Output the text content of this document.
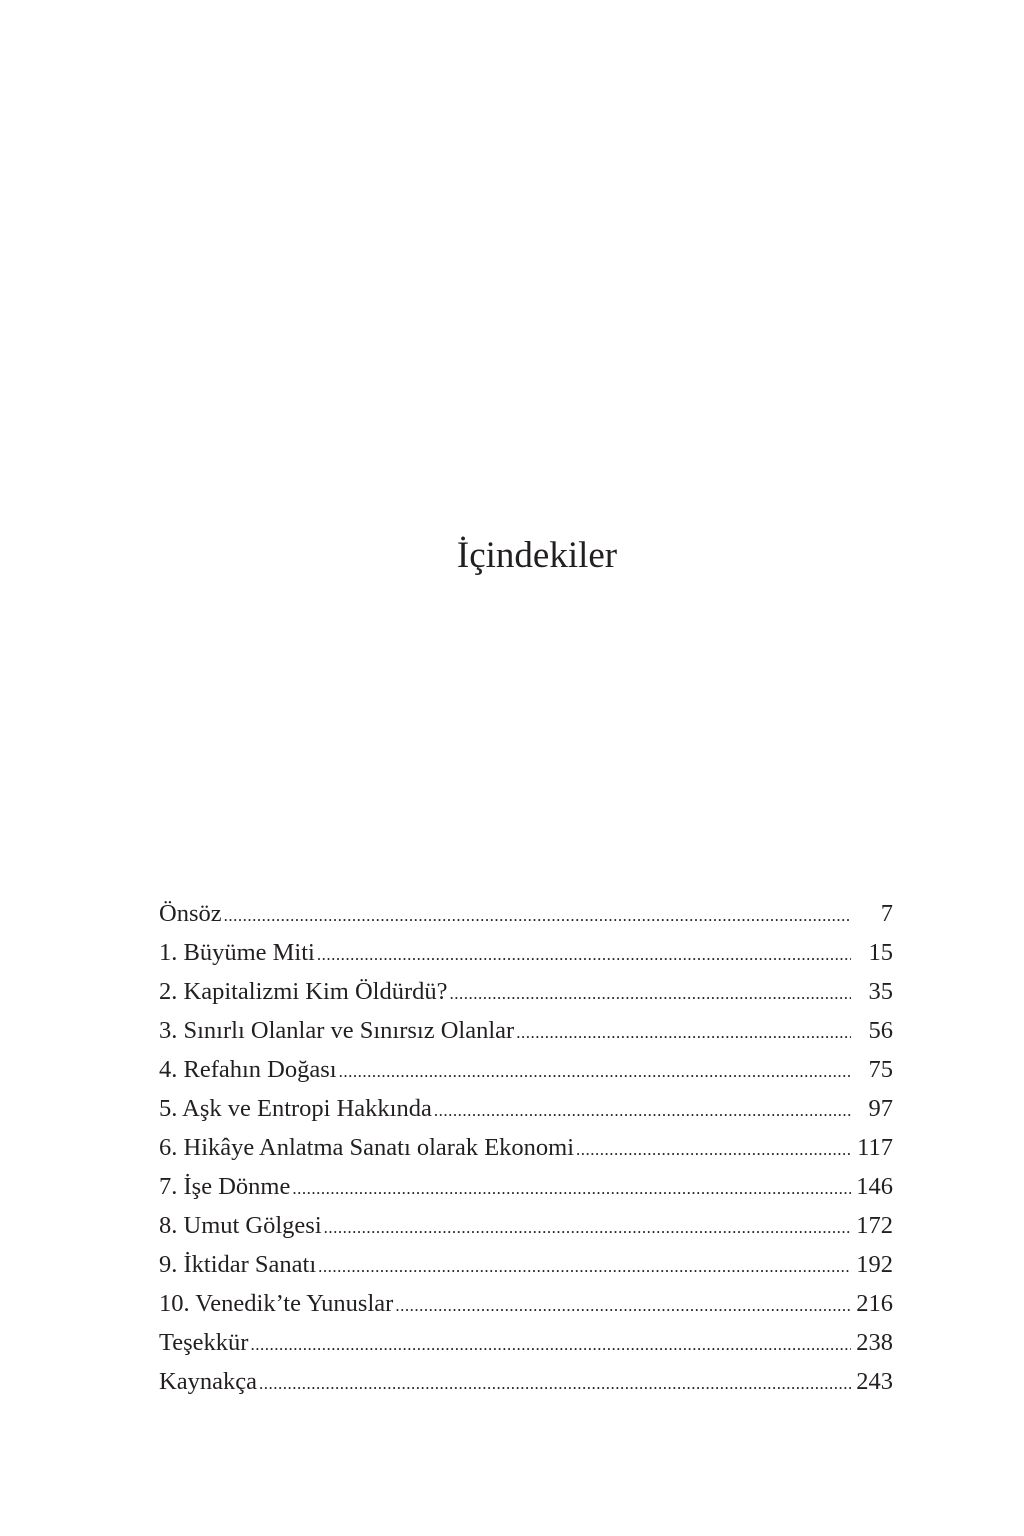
İçindekiler
Önsöz .....	7
1. Büyüme Miti .....	15
2. Kapitalizmi Kim Öldürdü? .....	35
3. Sınırlı Olanlar ve Sınırsız Olanlar .....	56
4. Refahın Doğası .....	75
5. Aşk ve Entropi Hakkında .....	97
6. Hikâye Anlatma Sanatı olarak Ekonomi .....	117
7. İşe Dönme .....	146
8. Umut Gölgesi .....	172
9. İktidar Sanatı .....	192
10. Venedik’te Yunuslar .....	216
Teşekkür .....	238
Kaynakça .....	243
